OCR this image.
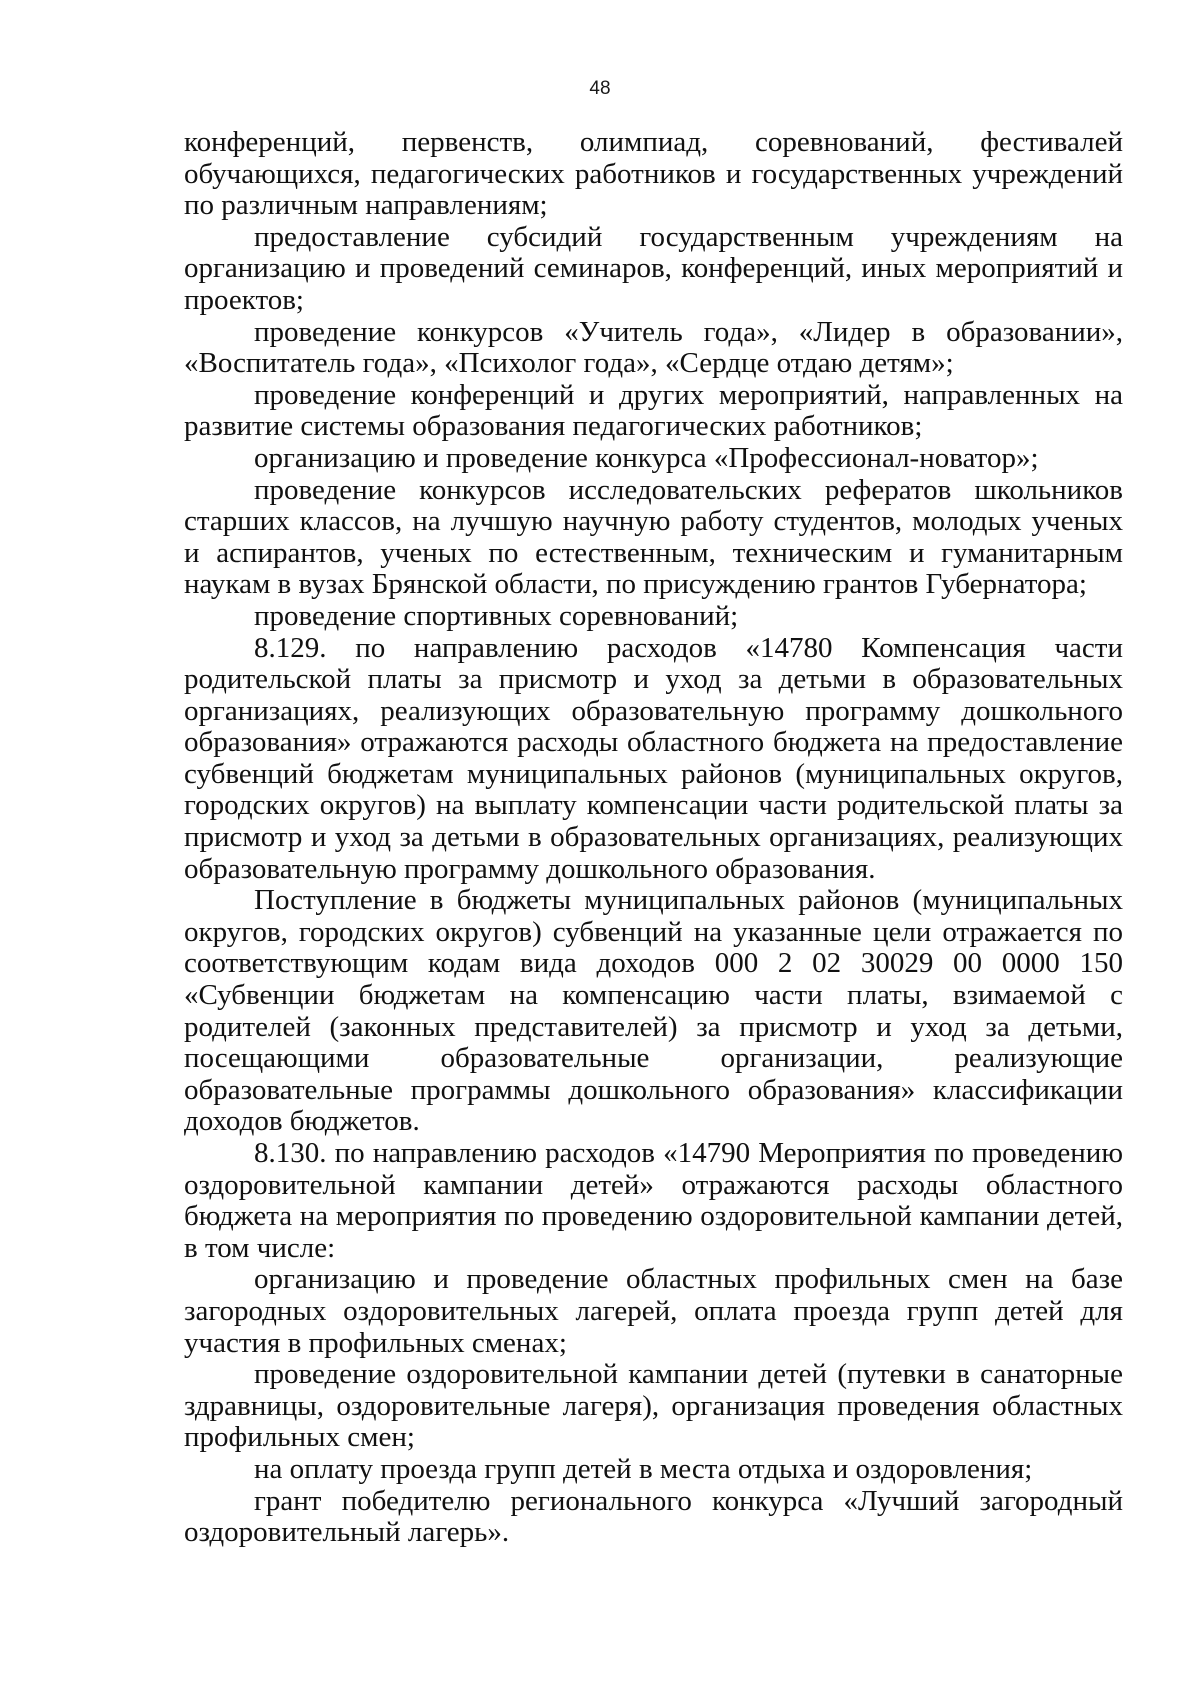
48

конференций, первенств, олимпиад, соревнований, фестивалей обучающихся, педагогических работников и государственных учреждений по различным направлениям;

предоставление субсидий государственным учреждениям на организацию и проведений семинаров, конференций, иных мероприятий и проектов;

проведение конкурсов «Учитель года», «Лидер в образовании», «Воспитатель года», «Психолог года», «Сердце отдаю детям»;

проведение конференций и других мероприятий, направленных на развитие системы образования педагогических работников;

организацию и проведение конкурса «Профессионал-новатор»;

проведение конкурсов исследовательских рефератов школьников старших классов, на лучшую научную работу студентов, молодых ученых и аспирантов, ученых по естественным, техническим и гуманитарным наукам в вузах Брянской области, по присуждению грантов Губернатора;

проведение спортивных соревнований;

8.129. по направлению расходов «14780 Компенсация части родительской платы за присмотр и уход за детьми в образовательных организациях, реализующих образовательную программу дошкольного образования» отражаются расходы областного бюджета на предоставление субвенций бюджетам муниципальных районов (муниципальных округов, городских округов) на выплату компенсации части родительской платы за присмотр и уход за детьми в образовательных организациях, реализующих образовательную программу дошкольного образования.

Поступление в бюджеты муниципальных районов (муниципальных округов, городских округов) субвенций на указанные цели отражается по соответствующим кодам вида доходов 000 2 02 30029 00 0000 150 «Субвенции бюджетам на компенсацию части платы, взимаемой с родителей (законных представителей) за присмотр и уход за детьми, посещающими образовательные организации, реализующие образовательные программы дошкольного образования» классификации доходов бюджетов.

8.130. по направлению расходов «14790 Мероприятия по проведению оздоровительной кампании детей» отражаются расходы областного бюджета на мероприятия по проведению оздоровительной кампании детей, в том числе:

организацию и проведение областных профильных смен на базе загородных оздоровительных лагерей, оплата проезда групп детей для участия в профильных сменах;

проведение оздоровительной кампании детей (путевки в санаторные здравницы, оздоровительные лагеря), организация проведения областных профильных смен;

на оплату проезда групп детей в места отдыха и оздоровления;

грант победителю регионального конкурса «Лучший загородный оздоровительный лагерь».
